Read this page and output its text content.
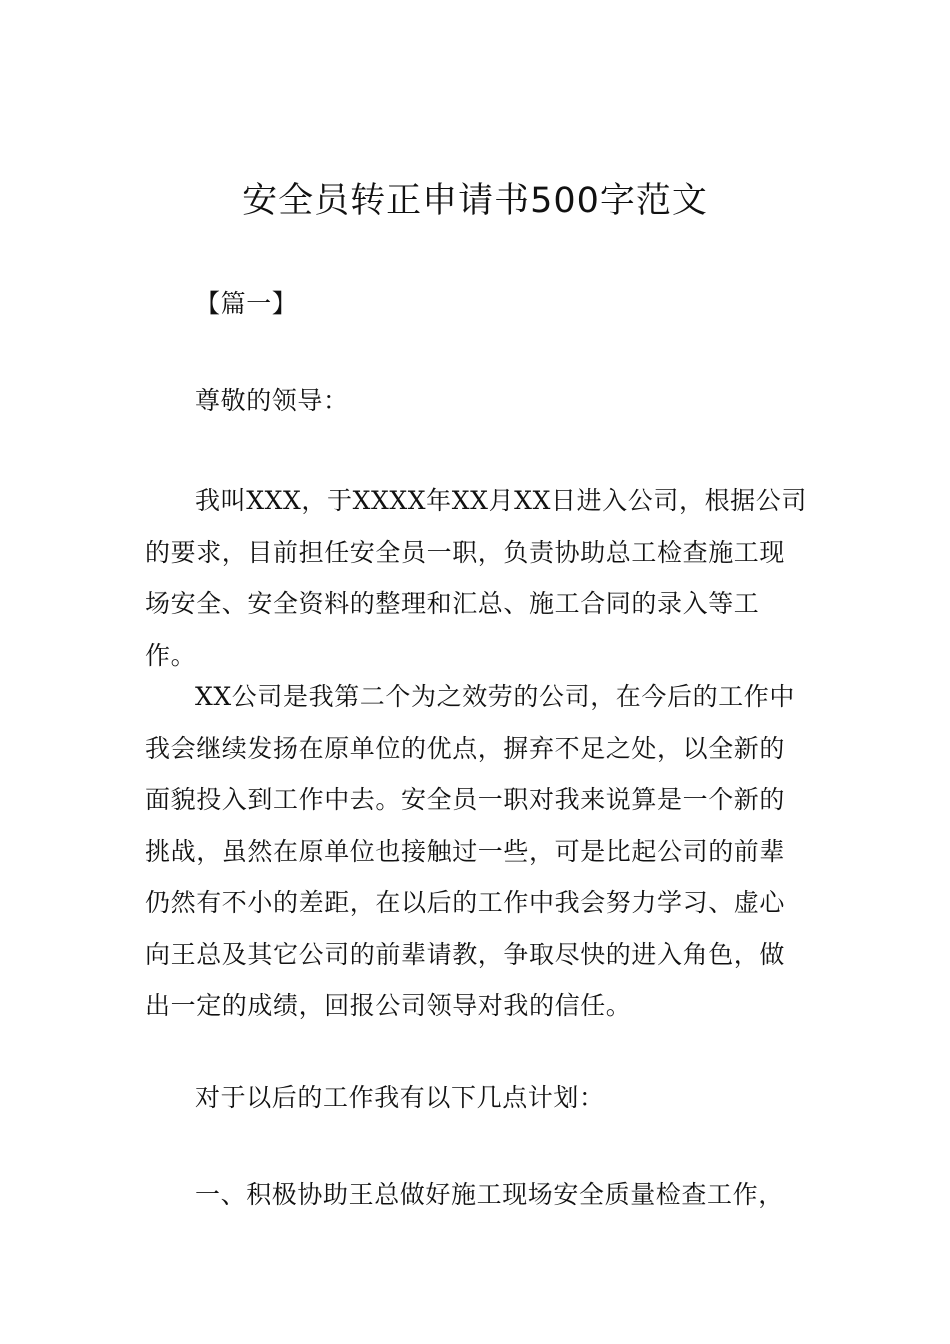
安全员转正申请书500字范文

【篇一】

尊敬的领导：

我叫XXX，于XXXX年XX月XX日进入公司，根据公司的要求，目前担任安全员一职，负责协助总工检查施工现场安全、安全资料的整理和汇总、施工合同的录入等工作。

XX公司是我第二个为之效劳的公司，在今后的工作中我会继续发扬在原单位的优点，摒弃不足之处，以全新的面貌投入到工作中去。安全员一职对我来说算是一个新的挑战，虽然在原单位也接触过一些，可是比起公司的前辈仍然有不小的差距，在以后的工作中我会努力学习、虚心向王总及其它公司的前辈请教，争取尽快的进入角色，做出一定的成绩，回报公司领导对我的信任。

对于以后的工作我有以下几点计划：

一、积极协助王总做好施工现场安全质量检查工作，
